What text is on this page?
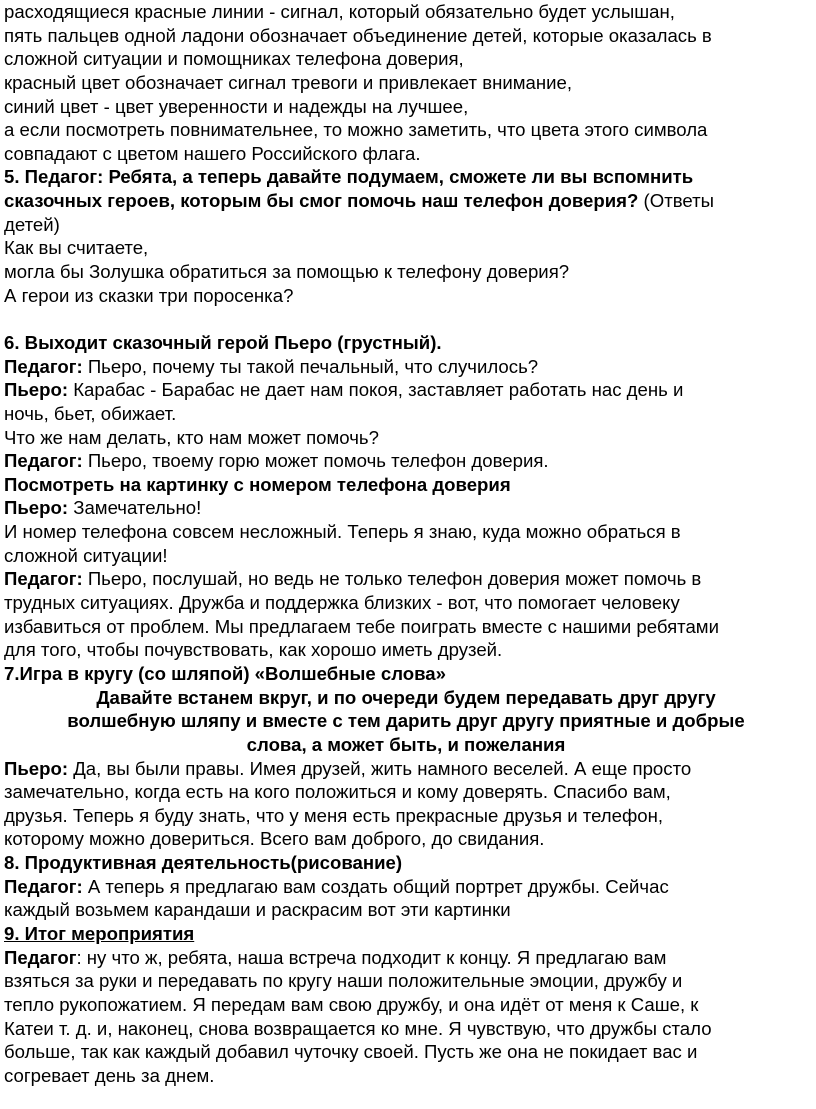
расходящиеся красные линии - сигнал, который обязательно будет услышан,
пять пальцев одной ладони обозначает объединение детей, которые оказалась в
сложной ситуации и помощниках телефона доверия,
красный цвет обозначает сигнал тревоги и привлекает внимание,
синий цвет - цвет уверенности и надежды на лучшее,
а если посмотреть повнимательнее, то можно заметить, что цвета этого символа
совпадают с цветом нашего Российского флага.
5. Педагог: Ребята, а теперь давайте подумаем, сможете ли вы вспомнить
сказочных героев, которым бы смог помочь наш телефон доверия? (Ответы
детей)
Как вы считаете,
могла бы Золушка обратиться за помощью к телефону доверия?
А герои из сказки три поросенка?
6. Выходит сказочный герой Пьеро (грустный).
Педагог: Пьеро, почему ты такой печальный, что случилось?
Пьеро: Карабас - Барабас не дает нам покоя, заставляет работать нас день и
ночь, бьет, обижает.
Что же нам делать, кто нам может помочь?
Педагог: Пьеро, твоему горю может помочь телефон доверия.
Посмотреть на картинку с номером телефона доверия
Пьеро: Замечательно!
И номер телефона совсем несложный. Теперь я знаю, куда можно обраться в
сложной ситуации!
Педагог: Пьеро, послушай, но ведь не только телефон доверия может помочь в
трудных ситуациях. Дружба и поддержка близких - вот, что помогает человеку
избавиться от проблем. Мы предлагаем тебе поиграть вместе с нашими ребятами
для того, чтобы почувствовать, как хорошо иметь друзей.
7.Игра в кругу (со шляпой) «Волшебные слова»
Давайте встанем вкруг, и по очереди будем передавать друг другу
волшебную шляпу и вместе с тем дарить друг другу приятные и добрые
слова, а может быть, и пожелания
Пьеро: Да, вы были правы. Имея друзей, жить намного веселей. А еще просто
замечательно, когда есть на кого положиться и кому доверять. Спасибо вам,
друзья. Теперь я буду знать, что у меня есть прекрасные друзья и телефон,
которому можно довериться. Всего вам доброго, до свидания.
8. Продуктивная деятельность(рисование)
Педагог: А теперь я предлагаю вам создать общий портрет дружбы. Сейчас
каждый возьмем карандаши и раскрасим вот эти картинки
9. Итог мероприятия
Педагог: ну что ж, ребята, наша встреча подходит к концу. Я предлагаю вам
взяться за руки и передавать по кругу наши положительные эмоции, дружбу и
тепло рукопожатием. Я передам вам свою дружбу, и она идёт от меня к Саше, к
Катеи т. д. и, наконец, снова возвращается ко мне. Я чувствую, что дружбы стало
больше, так как каждый добавил чуточку своей. Пусть же она не покидает вас и
согревает день за днем.
